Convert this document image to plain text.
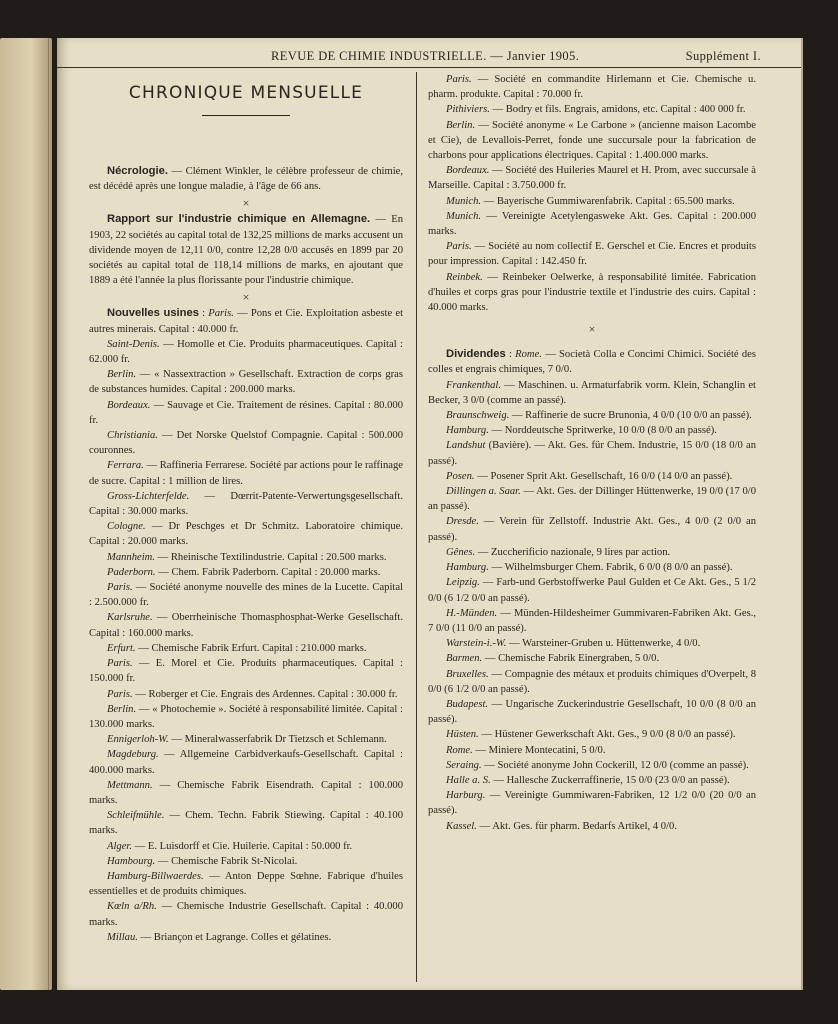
REVUE DE CHIMIE INDUSTRIELLE. — Janvier 1905.	Supplément I.
CHRONIQUE MENSUELLE

Nécrologie. — Clément Winkler, le célèbre professeur de chimie, est décédé après une longue maladie, à l'âge de 66 ans.

×

Rapport sur l'industrie chimique en Allemagne. — En 1903, 22 sociétés au capital total de 132,25 millions de marks accusent un dividende moyen de 12,11 0/0, contre 12,28 0/0 accusés en 1899 par 20 sociétés au capital total de 118,14 millions de marks, en ajoutant que 1889 a été l'année la plus florissante pour l'industrie chimique.

×

Nouvelles usines : Paris. — Pons et Cie. Exploitation asbeste et autres minerais. Capital : 40.000 fr.

Saint-Denis. — Homolle et Cie. Produits pharmaceutiques. Capital : 62.000 fr.

Berlin. — « Nassextraction » Gesellschaft. Extraction de corps gras de substances humides. Capital : 200.000 marks.

Bordeaux. — Sauvage et Cie. Traitement de résines. Capital : 80.000 fr.

Christiania. — Det Norske Quelstof Compagnie. Capital : 500.000 couronnes.

Ferrara. — Raffineria Ferrarese. Société par actions pour le raffinage de sucre. Capital : 1 million de lires.

Gross-Lichterfelde. — Dœrrit-Patente-Verwertungsgesellschaft. Capital : 30.000 marks.

Cologne. — Dr Peschges et Dr Schmitz. Laboratoire chimique. Capital : 20.000 marks.

Mannheim. — Rheinische Textilindustrie. Capital : 20.500 marks.

Paderborn. — Chem. Fabrik Paderborn. Capital : 20.000 marks.

Paris. — Société anonyme nouvelle des mines de la Lucette. Capital : 2.500.000 fr.

Karlsruhe. — Oberrheinische Thomasphosphat-Werke Gesellschaft. Capital : 160.000 marks.

Erfurt. — Chemische Fabrik Erfurt. Capital : 210.000 marks.

Paris. — E. Morel et Cie. Produits pharmaceutiques. Capital : 150.000 fr.

Paris. — Roberger et Cie. Engrais des Ardennes. Capital : 30.000 fr.

Berlin. — « Photochemie ». Société à responsabilité limitée. Capital : 130.000 marks.

Ennigerloh-W. — Mineralwasserfabrik Dr Tietzsch et Schlemann.

Magdeburg. — Allgemeine Carbidverkaufs-Gesellschaft. Capital : 400.000 marks.

Mettmann. — Chemische Fabrik Eisendrath. Capital : 100.000 marks.

Schleifmühle. — Chem. Techn. Fabrik Stiewing. Capital : 40.100 marks.

Alger. — E. Luisdorff et Cie. Huilerie. Capital : 50.000 fr.

Hambourg. — Chemische Fabrik St-Nicolai.

Hamburg-Billwaerdes. — Anton Deppe Sœhne. Fabrique d'huiles essentielles et de produits chimiques.

Kœln a/Rh. — Chemische Industrie Gesellschaft. Capital : 40.000 marks.

Millau. — Briançon et Lagrange. Colles et gélatines.

Paris. — Société en commandite Hirlemann et Cie. Chemische u. pharm. produkte. Capital : 70.000 fr.

Pithiviers. — Bodry et fils. Engrais, amidons, etc. Capital : 400 000 fr.

Berlin. — Société anonyme « Le Carbone » (ancienne maison Lacombe et Cie), de Levallois-Perret, fonde une succursale pour la fabrication de charbons pour applications électriques. Capital : 1.400.000 marks.

Bordeaux. — Société des Huileries Maurel et H. Prom, avec succursale à Marseille. Capital : 3.750.000 fr.

Munich. — Bayerische Gummiwarenfabrik. Capital : 65.500 marks.

Munich. — Vereinigte Acetylengasweke Akt. Ges. Capital : 200.000 marks.

Paris. — Société au nom collectif E. Gerschel et Cie. Encres et produits pour impression. Capital : 142.450 fr.

Reinbek. — Reinbeker Oelwerke, à responsabilité limitée. Fabrication d'huiles et corps gras pour l'industrie textile et l'industrie des cuirs. Capital : 40.000 marks.

×

Dividendes : Rome. — Società Colla e Concimi Chimici. Société des colles et engrais chimiques, 7 0/0.

Frankenthal. — Maschinen. u. Armaturfabrik vorm. Klein, Schanglin et Becker, 3 0/0 (comme an passé).

Braunschweig. — Raffinerie de sucre Brunonia, 4 0/0 (10 0/0 an passé).

Hamburg. — Norddeutsche Spritwerke, 10 0/0 (8 0/0 an passé).

Landshut (Bavière). — Akt. Ges. für Chem. Industrie, 15 0/0 (18 0/0 an passé).

Posen. — Posener Sprit Akt. Gesellschaft, 16 0/0 (14 0/0 an passé).

Dillingen a. Saar. — Akt. Ges. der Dillinger Hüttenwerke, 19 0/0 (17 0/0 an passé).

Dresde. — Verein für Zellstoff. Industrie Akt. Ges., 4 0/0 (2 0/0 an passé).

Gênes. — Zuccherificio nazionale, 9 lires par action.

Hamburg. — Wilhelmsburger Chem. Fabrik, 6 0/0 (8 0/0 an passé).

Leipzig. — Farb-und Gerbstoffwerke Paul Gulden et Ce Akt. Ges., 5 1/2 0/0 (6 1/2 0/0 an passé).

H.-Münden. — Münden-Hildesheimer Gummivaren-Fabriken Akt. Ges., 7 0/0 (11 0/0 an passé).

Warstein-i.-W. — Warsteiner-Gruben u. Hüttenwerke, 4 0/0.

Barmen. — Chemische Fabrik Einergraben, 5 0/0.

Bruxelles. — Compagnie des métaux et produits chimiques d'Overpelt, 8 0/0 (6 1/2 0/0 an passé).

Budapest. — Ungarische Zuckerindustrie Gesellschaft, 10 0/0 (8 0/0 an passé).

Hüsten. — Hüstener Gewerkschaft Akt. Ges., 9 0/0 (8 0/0 an passé).

Rome. — Miniere Montecatini, 5 0/0.

Seraing. — Société anonyme John Cockerill, 12 0/0 (comme an passé).

Halle a. S. — Hallesche Zuckerraffinerie, 15 0/0 (23 0/0 an passé).

Harburg. — Vereinigte Gummiwaren-Fabriken, 12 1/2 0/0 (20 0/0 an passé).

Kassel. — Akt. Ges. für pharm. Bedarfs Artikel, 4 0/0.
